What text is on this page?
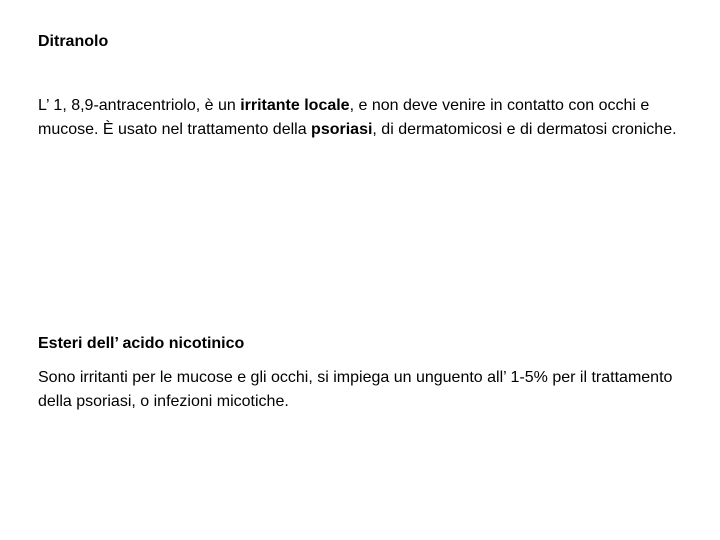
Ditranolo

L’ 1, 8,9-antracentriolo, è un irritante locale, e non deve venire in contatto con occhi e mucose. È usato nel trattamento della psoriasi, di dermatomicosi e di dermatosi croniche.

Esteri dell’ acido nicotinico

Sono irritanti per le mucose e gli occhi, si impiega un unguento all’ 1-5% per il trattamento della psoriasi, o infezioni micotiche.
